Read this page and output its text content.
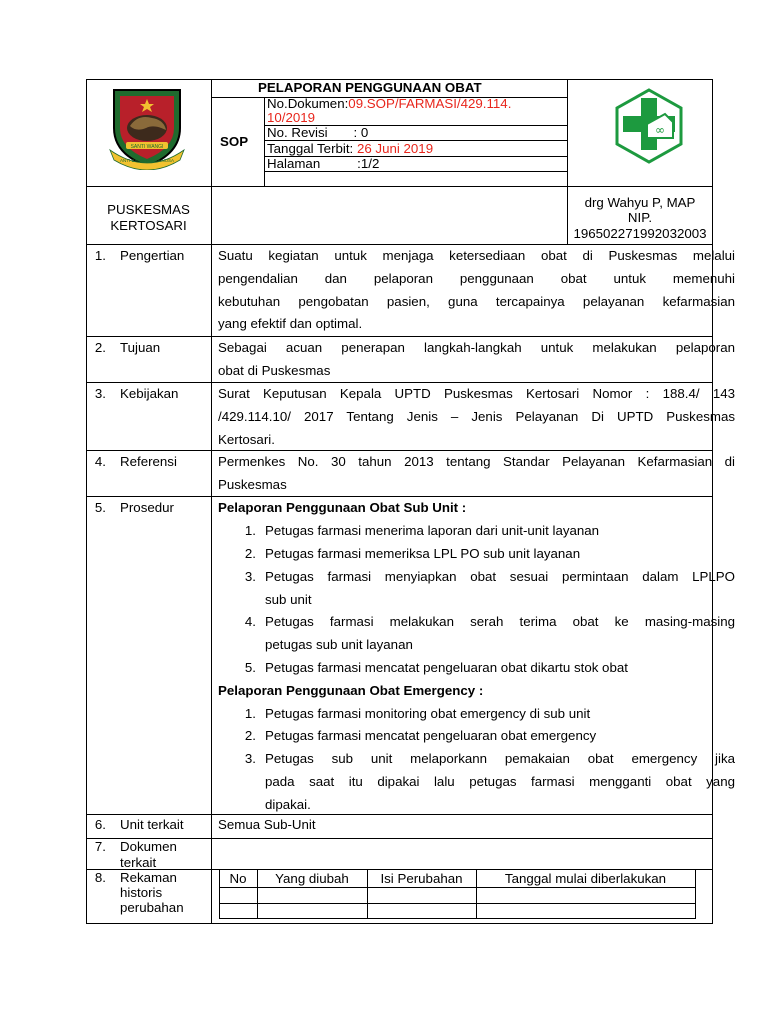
SANTI WANGI
ANTI SANTI PRAJA NUSA
∞
PELAPORAN PENGGUNAAN OBAT
SOP
No.Dokumen:09.SOP/FARMASI/429.114.
10/2019
No. Revisi       : 0
Tanggal Terbit: 26 Juni 2019
Halaman          :1/2
PUSKESMAS
KERTOSARI
drg Wahyu P, MAP
NIP.
196502271992032003
1. Pengertian	Suatu kegiatan untuk menjaga ketersediaan obat di Puskesmas melalui
pengendalian dan pelaporan penggunaan obat untuk memenuhi
kebutuhan pengobatan pasien, guna tercapainya pelayanan kefarmasian
yang efektif dan optimal.
2. Tujuan	Sebagai acuan penerapan langkah-langkah untuk melakukan pelaporan
obat di Puskesmas
3. Kebijakan	Surat Keputusan Kepala UPTD Puskesmas Kertosari Nomor : 188.4/ 143
/429.114.10/ 2017 Tentang Jenis – Jenis Pelayanan Di UPTD Puskesmas
Kertosari.
4. Referensi	Permenkes No. 30 tahun 2013 tentang Standar Pelayanan Kefarmasian di
Puskesmas
5. Prosedur	Pelaporan Penggunaan Obat Sub Unit :
1. Petugas farmasi menerima laporan dari unit-unit layanan
2. Petugas farmasi memeriksa LPL PO sub unit layanan
3. Petugas farmasi menyiapkan obat sesuai permintaan dalam LPLPO
sub unit
4. Petugas farmasi melakukan serah terima obat ke masing-masing
petugas sub unit layanan
5. Petugas farmasi mencatat pengeluaran obat dikartu stok obat
Pelaporan Penggunaan Obat Emergency :
1. Petugas farmasi monitoring obat emergency di sub unit
2. Petugas farmasi mencatat pengeluaran obat emergency
3. Petugas sub unit melaporkann pemakaian obat emergency jika
pada saat itu dipakai lalu petugas farmasi mengganti obat yang
dipakai.
6. Unit terkait	Semua Sub-Unit
7. Dokumen
terkait
8. Rekaman
historis
perubahan
No	Yang diubah	Isi Perubahan	Tanggal mulai diberlakukan
